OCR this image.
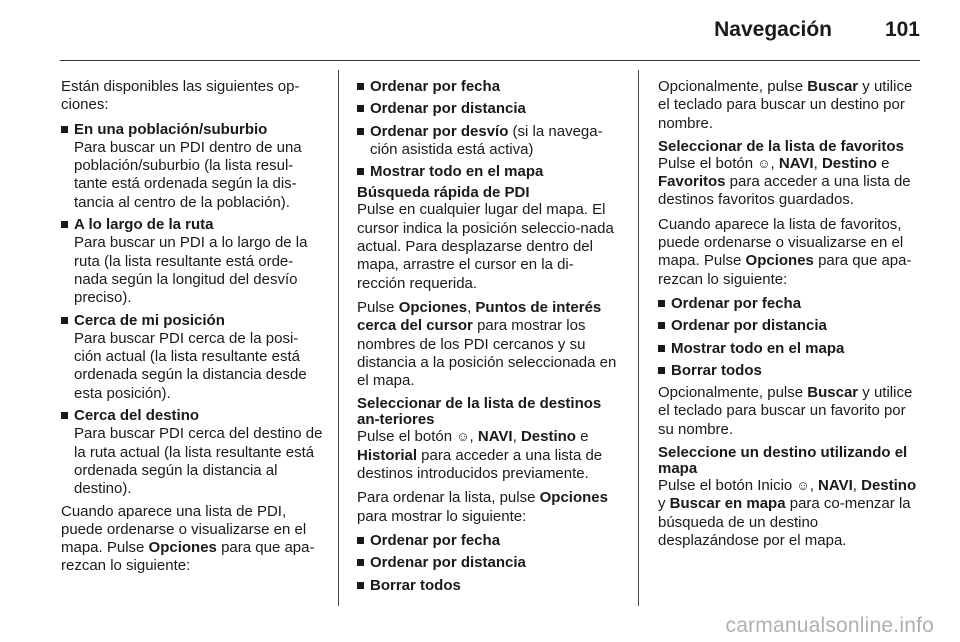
Navegación	101

Están disponibles las siguientes op-ciones:

En una población/suburbio
Para buscar un PDI dentro de una población/suburbio (la lista resul-tante está ordenada según la dis-tancia al centro de la población).
A lo largo de la ruta
Para buscar un PDI a lo largo de la ruta (la lista resultante está orde-nada según la longitud del desvío preciso).
Cerca de mi posición
Para buscar PDI cerca de la posi-ción actual (la lista resultante está ordenada según la distancia desde esta posición).
Cerca del destino
Para buscar PDI cerca del destino de la ruta actual (la lista resultante está ordenada según la distancia al destino).

Cuando aparece una lista de PDI, puede ordenarse o visualizarse en el mapa. Pulse Opciones para que apa-rezcan lo siguiente:

Ordenar por fecha
Ordenar por distancia
Ordenar por desvío (si la navega-ción asistida está activa)
Mostrar todo en el mapa
Búsqueda rápida de PDI

Pulse en cualquier lugar del mapa. El cursor indica la posición seleccio-nada actual. Para desplazarse dentro del mapa, arrastre el cursor en la di-rección requerida.

Pulse Opciones, Puntos de interés cerca del cursor para mostrar los nombres de los PDI cercanos y su distancia a la posición seleccionada en el mapa.

Seleccionar de la lista de destinos an-teriores

Pulse el botón ☺, NAVI, Destino e Historial para acceder a una lista de destinos introducidos previamente.

Para ordenar la lista, pulse Opciones para mostrar lo siguiente:

Ordenar por fecha
Ordenar por distancia
Borrar todos

Opcionalmente, pulse Buscar y utilice el teclado para buscar un destino por nombre.

Seleccionar de la lista de favoritos

Pulse el botón ☺, NAVI, Destino e Favoritos para acceder a una lista de destinos favoritos guardados.

Cuando aparece la lista de favoritos, puede ordenarse o visualizarse en el mapa. Pulse Opciones para que apa-rezcan lo siguiente:

Ordenar por fecha
Ordenar por distancia
Mostrar todo en el mapa
Borrar todos

Opcionalmente, pulse Buscar y utilice el teclado para buscar un favorito por su nombre.

Seleccione un destino utilizando el mapa

Pulse el botón Inicio ☺, NAVI, Destino y Buscar en mapa para co-menzar la búsqueda de un destino desplazándose por el mapa.

carmanualsonline.info
